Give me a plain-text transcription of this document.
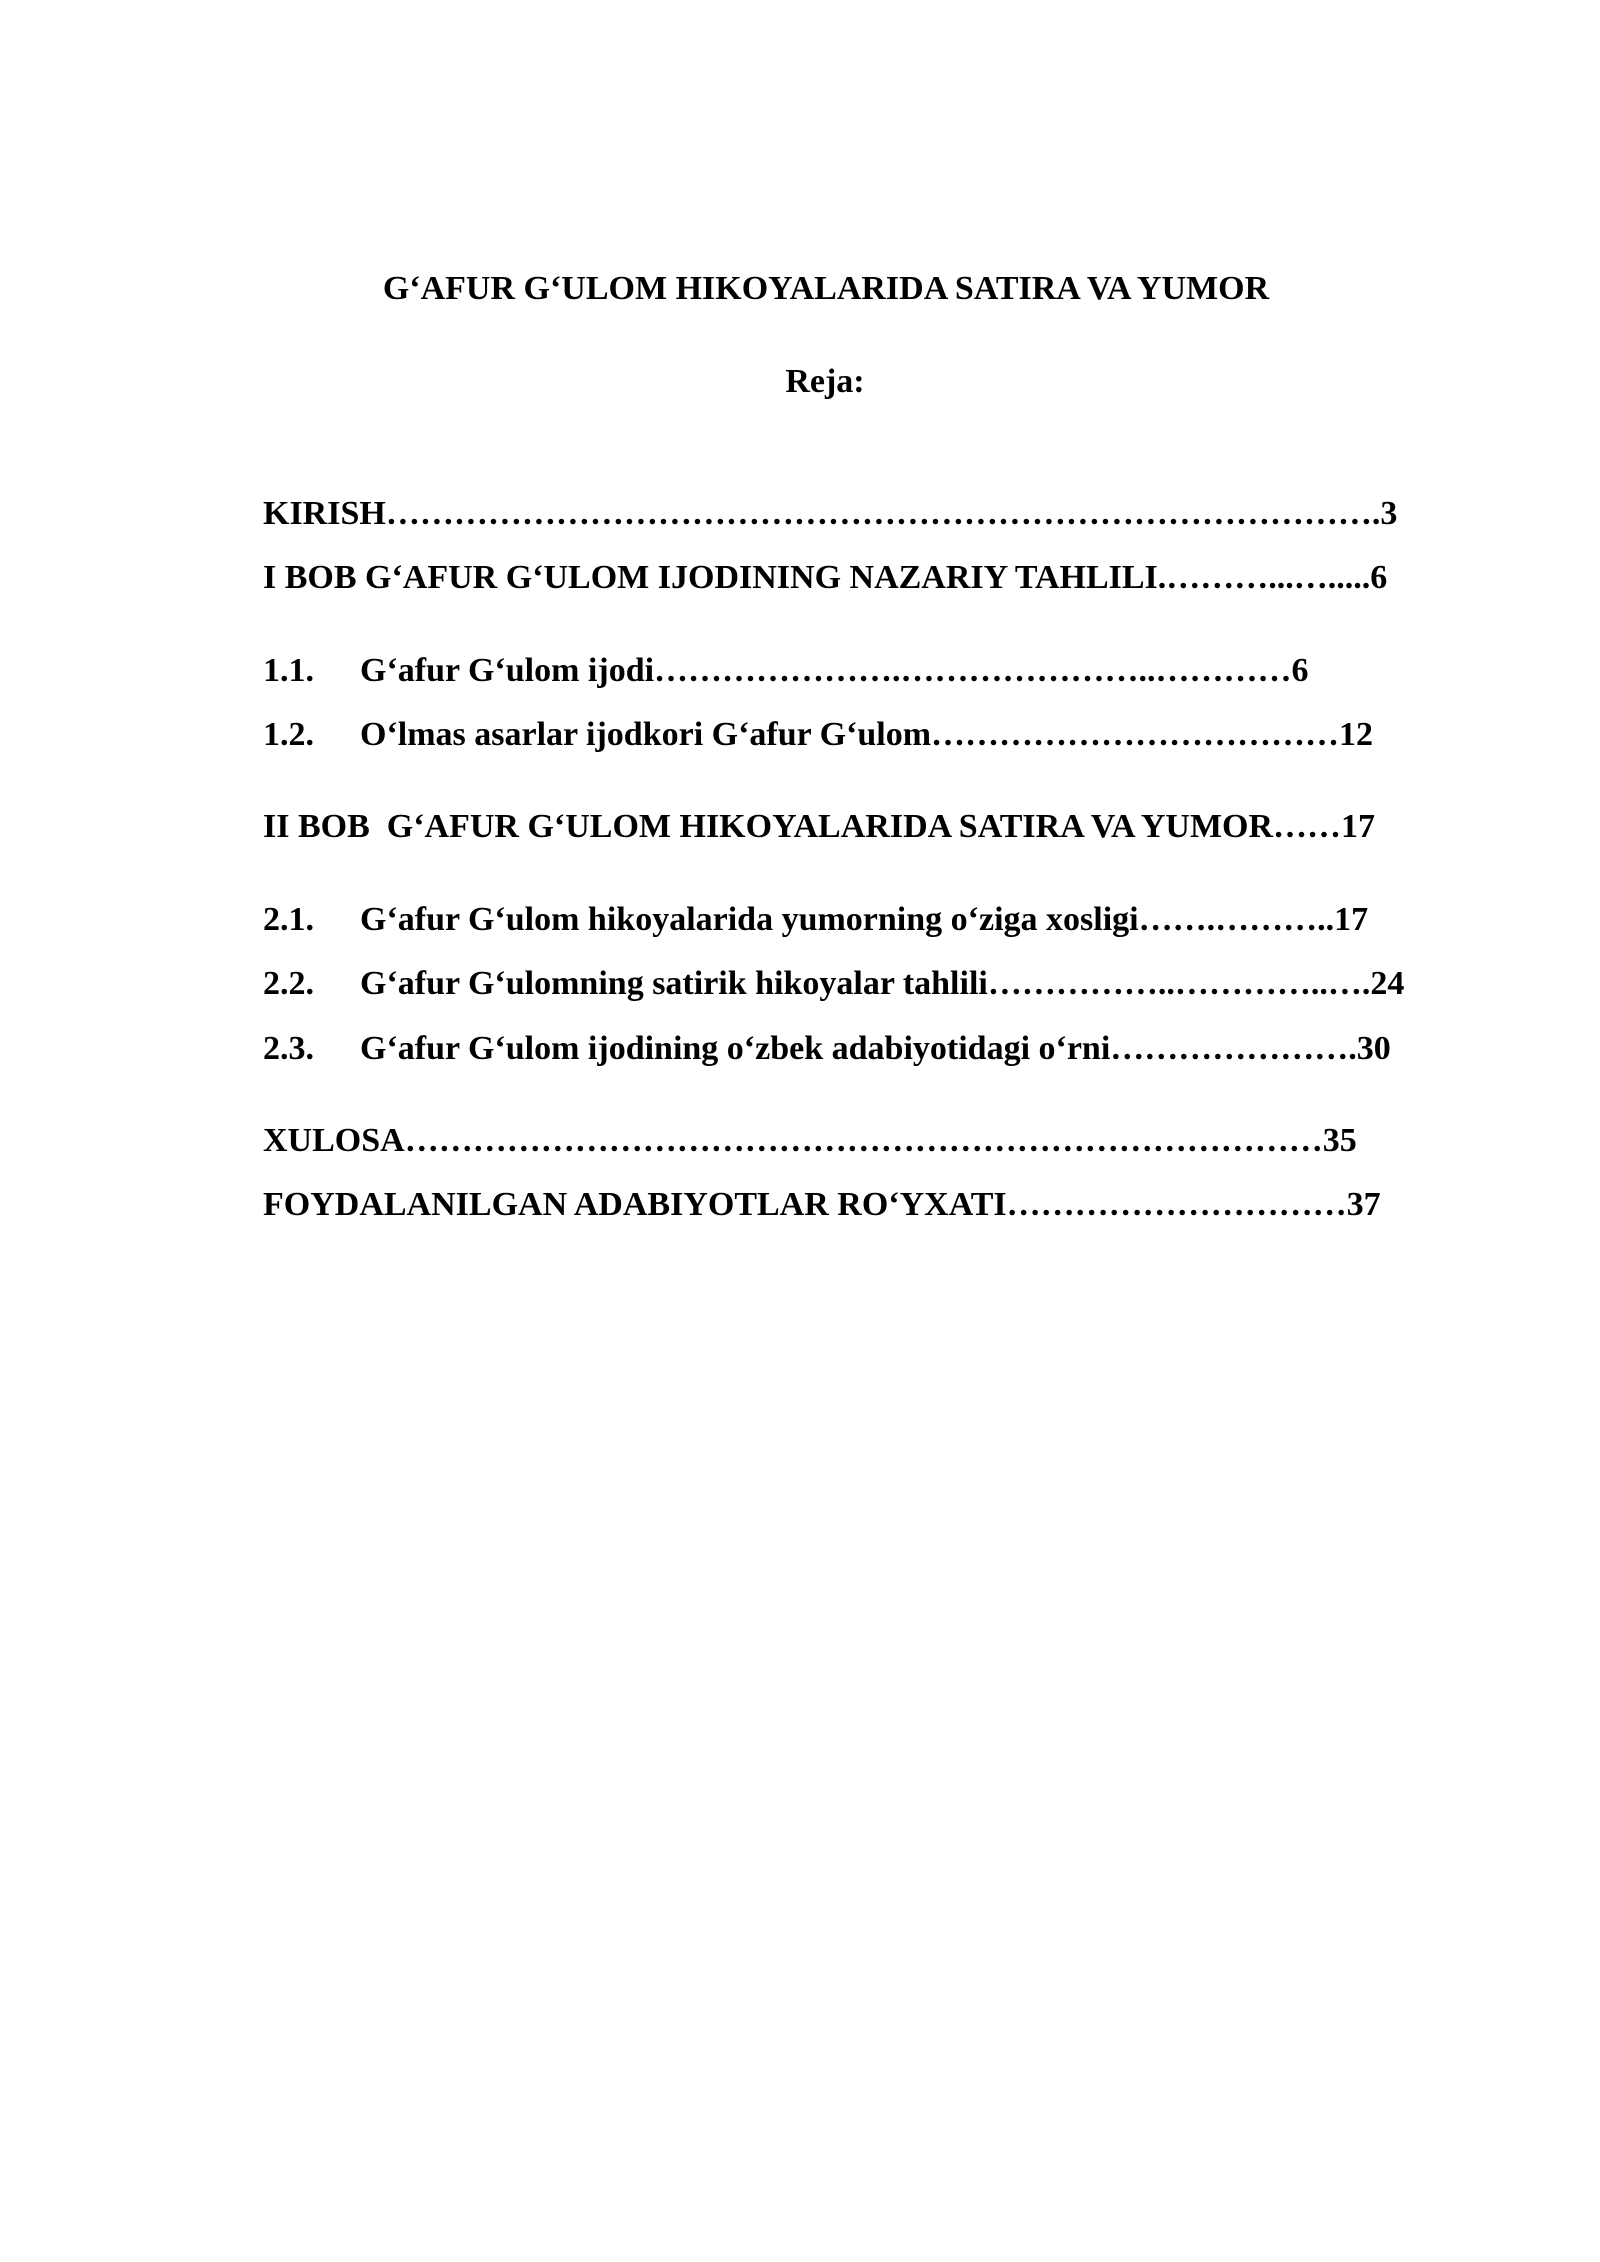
G‘AFUR G‘ULOM HIKOYALARIDA SATIRA VA YUMOR
Reja:

KIRISH…………………………………………………………………………….3

I BOB G‘AFUR G‘ULOM IJODINING NAZARIY TAHLILI.………...….....6

1.1. G‘afur G‘ulom ijodi………………….…………………..…………6

1.2. O‘lmas asarlar ijodkori G‘afur G‘ulom………………………………12

II BOB  G‘AFUR G‘ULOM HIKOYALARIDA SATIRA VA YUMOR……17

2.1. G‘afur G‘ulom hikoyalarida yumorning o‘ziga xosligi…….………..17

2.2. G‘afur G‘ulomning satirik hikoyalar tahlili……………..…………..….24

2.3. G‘afur G‘ulom ijodining o‘zbek adabiyotidagi o‘rni………………….30

XULOSA………………………………………………………………………35

FOYDALANILGAN ADABIYOTLAR RO‘YXATI…………………………37
